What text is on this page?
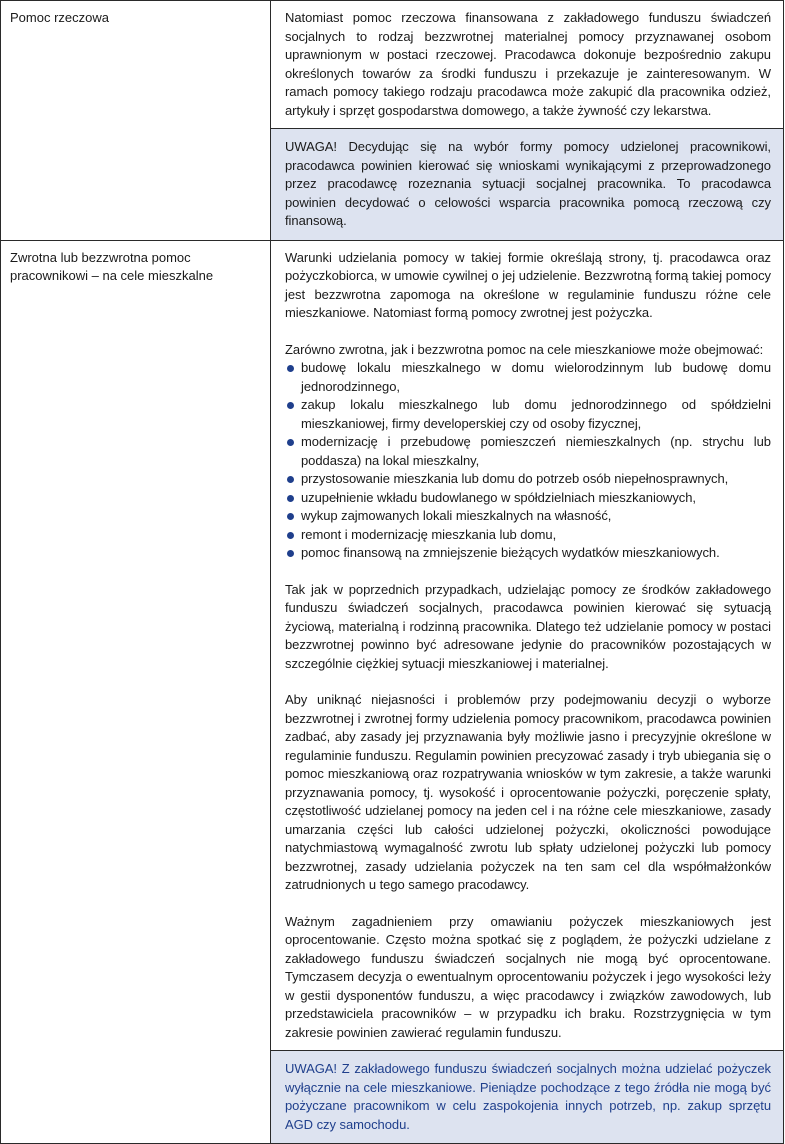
Pomoc rzeczowa	Natomiast pomoc rzeczowa finansowana z zakładowego funduszu świadczeń socjalnych to rodzaj bezzwrotnej materialnej pomocy przyznawanej osobom uprawnionym w postaci rzeczowej. Pracodawca dokonuje bezpośrednio zakupu określonych towarów za środki funduszu i przekazuje je zainteresowanym. W ramach pomocy takiego rodzaju pracodawca może zakupić dla pracownika odzież, artykuły i sprzęt gospodarstwa domowego, a także żywność czy lekarstwa.

UWAGA! Decydując się na wybór formy pomocy udzielonej pracownikowi, pracodawca powinien kierować się wnioskami wynikającymi z przeprowadzonego przez pracodawcę rozeznania sytuacji socjalnej pracownika. To pracodawca powinien decydować o celowości wsparcia pracownika pomocą rzeczową czy finansową.
Zwrotna lub bezzwrotna pomoc pracownikowi – na cele mieszkalne

Warunki udzielania pomocy w takiej formie określają strony, tj. pracodawca oraz pożyczkobiorca, w umowie cywilnej o jej udzielenie. Bezzwrotną formą takiej pomocy jest bezzwrotna zapomoga na określone w regulaminie funduszu różne cele mieszkaniowe. Natomiast formą pomocy zwrotnej jest pożyczka.

Zarówno zwrotna, jak i bezzwrotna pomoc na cele mieszkaniowe może obejmować:

budowę lokalu mieszkalnego w domu wielorodzinnym lub budowę domu jednorodzinnego,
zakup lokalu mieszkalnego lub domu jednorodzinnego od spółdzielni mieszkaniowej, firmy developerskiej czy od osoby fizycznej,
modernizację i przebudowę pomieszczeń niemieszkalnych (np. strychu lub poddasza) na lokal mieszkalny,
przystosowanie mieszkania lub domu do potrzeb osób niepełnosprawnych,
uzupełnienie wkładu budowlanego w spółdzielniach mieszkaniowych,
wykup zajmowanych lokali mieszkalnych na własność,
remont i modernizację mieszkania lub domu,
pomoc finansową na zmniejszenie bieżących wydatków mieszkaniowych.

Tak jak w poprzednich przypadkach, udzielając pomocy ze środków zakładowego funduszu świadczeń socjalnych, pracodawca powinien kierować się sytuacją życiową, materialną i rodzinną pracownika. Dlatego też udzielanie pomocy w postaci bezzwrotnej powinno być adresowane jedynie do pracowników pozostających w szczególnie ciężkiej sytuacji mieszkaniowej i materialnej.

Aby uniknąć niejasności i problemów przy podejmowaniu decyzji o wyborze bezzwrotnej i zwrotnej formy udzielenia pomocy pracownikom, pracodawca powinien zadbać, aby zasady jej przyznawania były możliwie jasno i precyzyjnie określone w regulaminie funduszu. Regulamin powinien precyzować zasady i tryb ubiegania się o pomoc mieszkaniową oraz rozpatrywania wniosków w tym zakresie, a także warunki przyznawania pomocy, tj. wysokość i oprocentowanie pożyczki, poręczenie spłaty, częstotliwość udzielanej pomocy na jeden cel i na różne cele mieszkaniowe, zasady umarzania części lub całości udzielonej pożyczki, okoliczności powodujące natychmiastową wymagalność zwrotu lub spłaty udzielonej pożyczki lub pomocy bezzwrotnej, zasady udzielania pożyczek na ten sam cel dla współmałżonków zatrudnionych u tego samego pracodawcy.

Ważnym zagadnieniem przy omawianiu pożyczek mieszkaniowych jest oprocentowanie. Często można spotkać się z poglądem, że pożyczki udzielane z zakładowego funduszu świadczeń socjalnych nie mogą być oprocentowane. Tymczasem decyzja o ewentualnym oprocentowaniu pożyczek i jego wysokości leży w gestii dysponentów funduszu, a więc pracodawcy i związków zawodowych, lub przedstawiciela pracowników – w przypadku ich braku. Rozstrzygnięcia w tym zakresie powinien zawierać regulamin funduszu.

UWAGA! Z zakładowego funduszu świadczeń socjalnych można udzielać pożyczek wyłącznie na cele mieszkaniowe. Pieniądze pochodzące z tego źródła nie mogą być pożyczane pracownikom w celu zaspokojenia innych potrzeb, np. zakup sprzętu AGD czy samochodu.
